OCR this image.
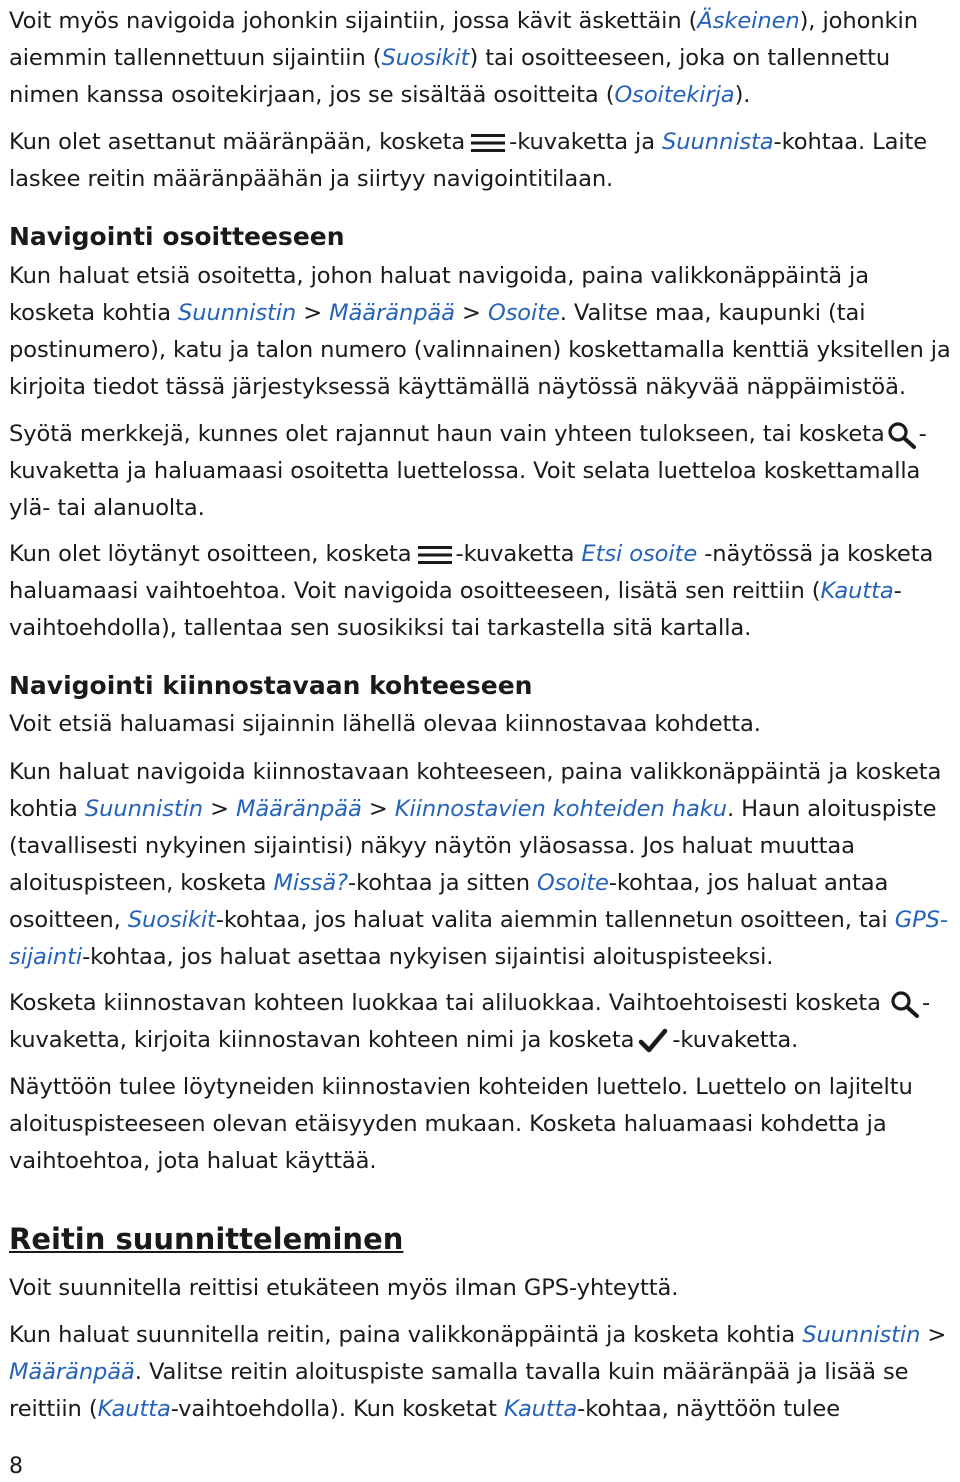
Voit myös navigoida johonkin sijaintiin, jossa kävit äskettäin (Äskeinen), johonkin aiemmin tallennettuun sijaintiin (Suosikit) tai osoitteeseen, joka on tallennettu nimen kanssa osoitekirjaan, jos se sisältää osoitteita (Osoitekirja).

Kun olet asettanut määränpään, kosketa -kuvaketta ja Suunnista-kohtaa. Laite laskee reitin määränpäähän ja siirtyy navigointitilaan.

Navigointi osoitteeseen

Kun haluat etsiä osoitetta, johon haluat navigoida, paina valikkonäppäintä ja kosketa kohtia Suunnistin > Määränpää > Osoite. Valitse maa, kaupunki (tai postinumero), katu ja talon numero (valinnainen) koskettamalla kenttiä yksitellen ja kirjoita tiedot tässä järjestyksessä käyttämällä näytössä näkyvää näppäimistöä.

Syötä merkkejä, kunnes olet rajannut haun vain yhteen tulokseen, tai kosketa -kuvaketta ja haluamaasi osoitetta luettelossa. Voit selata luetteloa koskettamalla ylä- tai alanuolta.

Kun olet löytänyt osoitteen, kosketa -kuvaketta Etsi osoite -näytössä ja kosketa haluamaasi vaihtoehtoa. Voit navigoida osoitteeseen, lisätä sen reittiin (Kautta-vaihtoehdolla), tallentaa sen suosikiksi tai tarkastella sitä kartalla.

Navigointi kiinnostavaan kohteeseen

Voit etsiä haluamasi sijainnin lähellä olevaa kiinnostavaa kohdetta.

Kun haluat navigoida kiinnostavaan kohteeseen, paina valikkonäppäintä ja kosketa kohtia Suunnistin > Määränpää > Kiinnostavien kohteiden haku. Haun aloituspiste (tavallisesti nykyinen sijaintisi) näkyy näytön yläosassa. Jos haluat muuttaa aloituspisteen, kosketa Missä?-kohtaa ja sitten Osoite-kohtaa, jos haluat antaa osoitteen, Suosikit-kohtaa, jos haluat valita aiemmin tallennetun osoitteen, tai GPS-sijainti-kohtaa, jos haluat asettaa nykyisen sijaintisi aloituspisteeksi.

Kosketa kiinnostavan kohteen luokkaa tai aliluokkaa. Vaihtoehtoisesti kosketa -kuvaketta, kirjoita kiinnostavan kohteen nimi ja kosketa -kuvaketta.

Näyttöön tulee löytyneiden kiinnostavien kohteiden luettelo. Luettelo on lajiteltu aloituspisteeseen olevan etäisyyden mukaan. Kosketa haluamaasi kohdetta ja vaihtoehtoa, jota haluat käyttää.

Reitin suunnitteleminen

Voit suunnitella reittisi etukäteen myös ilman GPS-yhteyttä.

Kun haluat suunnitella reitin, paina valikkonäppäintä ja kosketa kohtia Suunnistin > Määränpää. Valitse reitin aloituspiste samalla tavalla kuin määränpää ja lisää se reittiin (Kautta-vaihtoehdolla). Kun kosketat Kautta-kohtaa, näyttöön tulee

8
